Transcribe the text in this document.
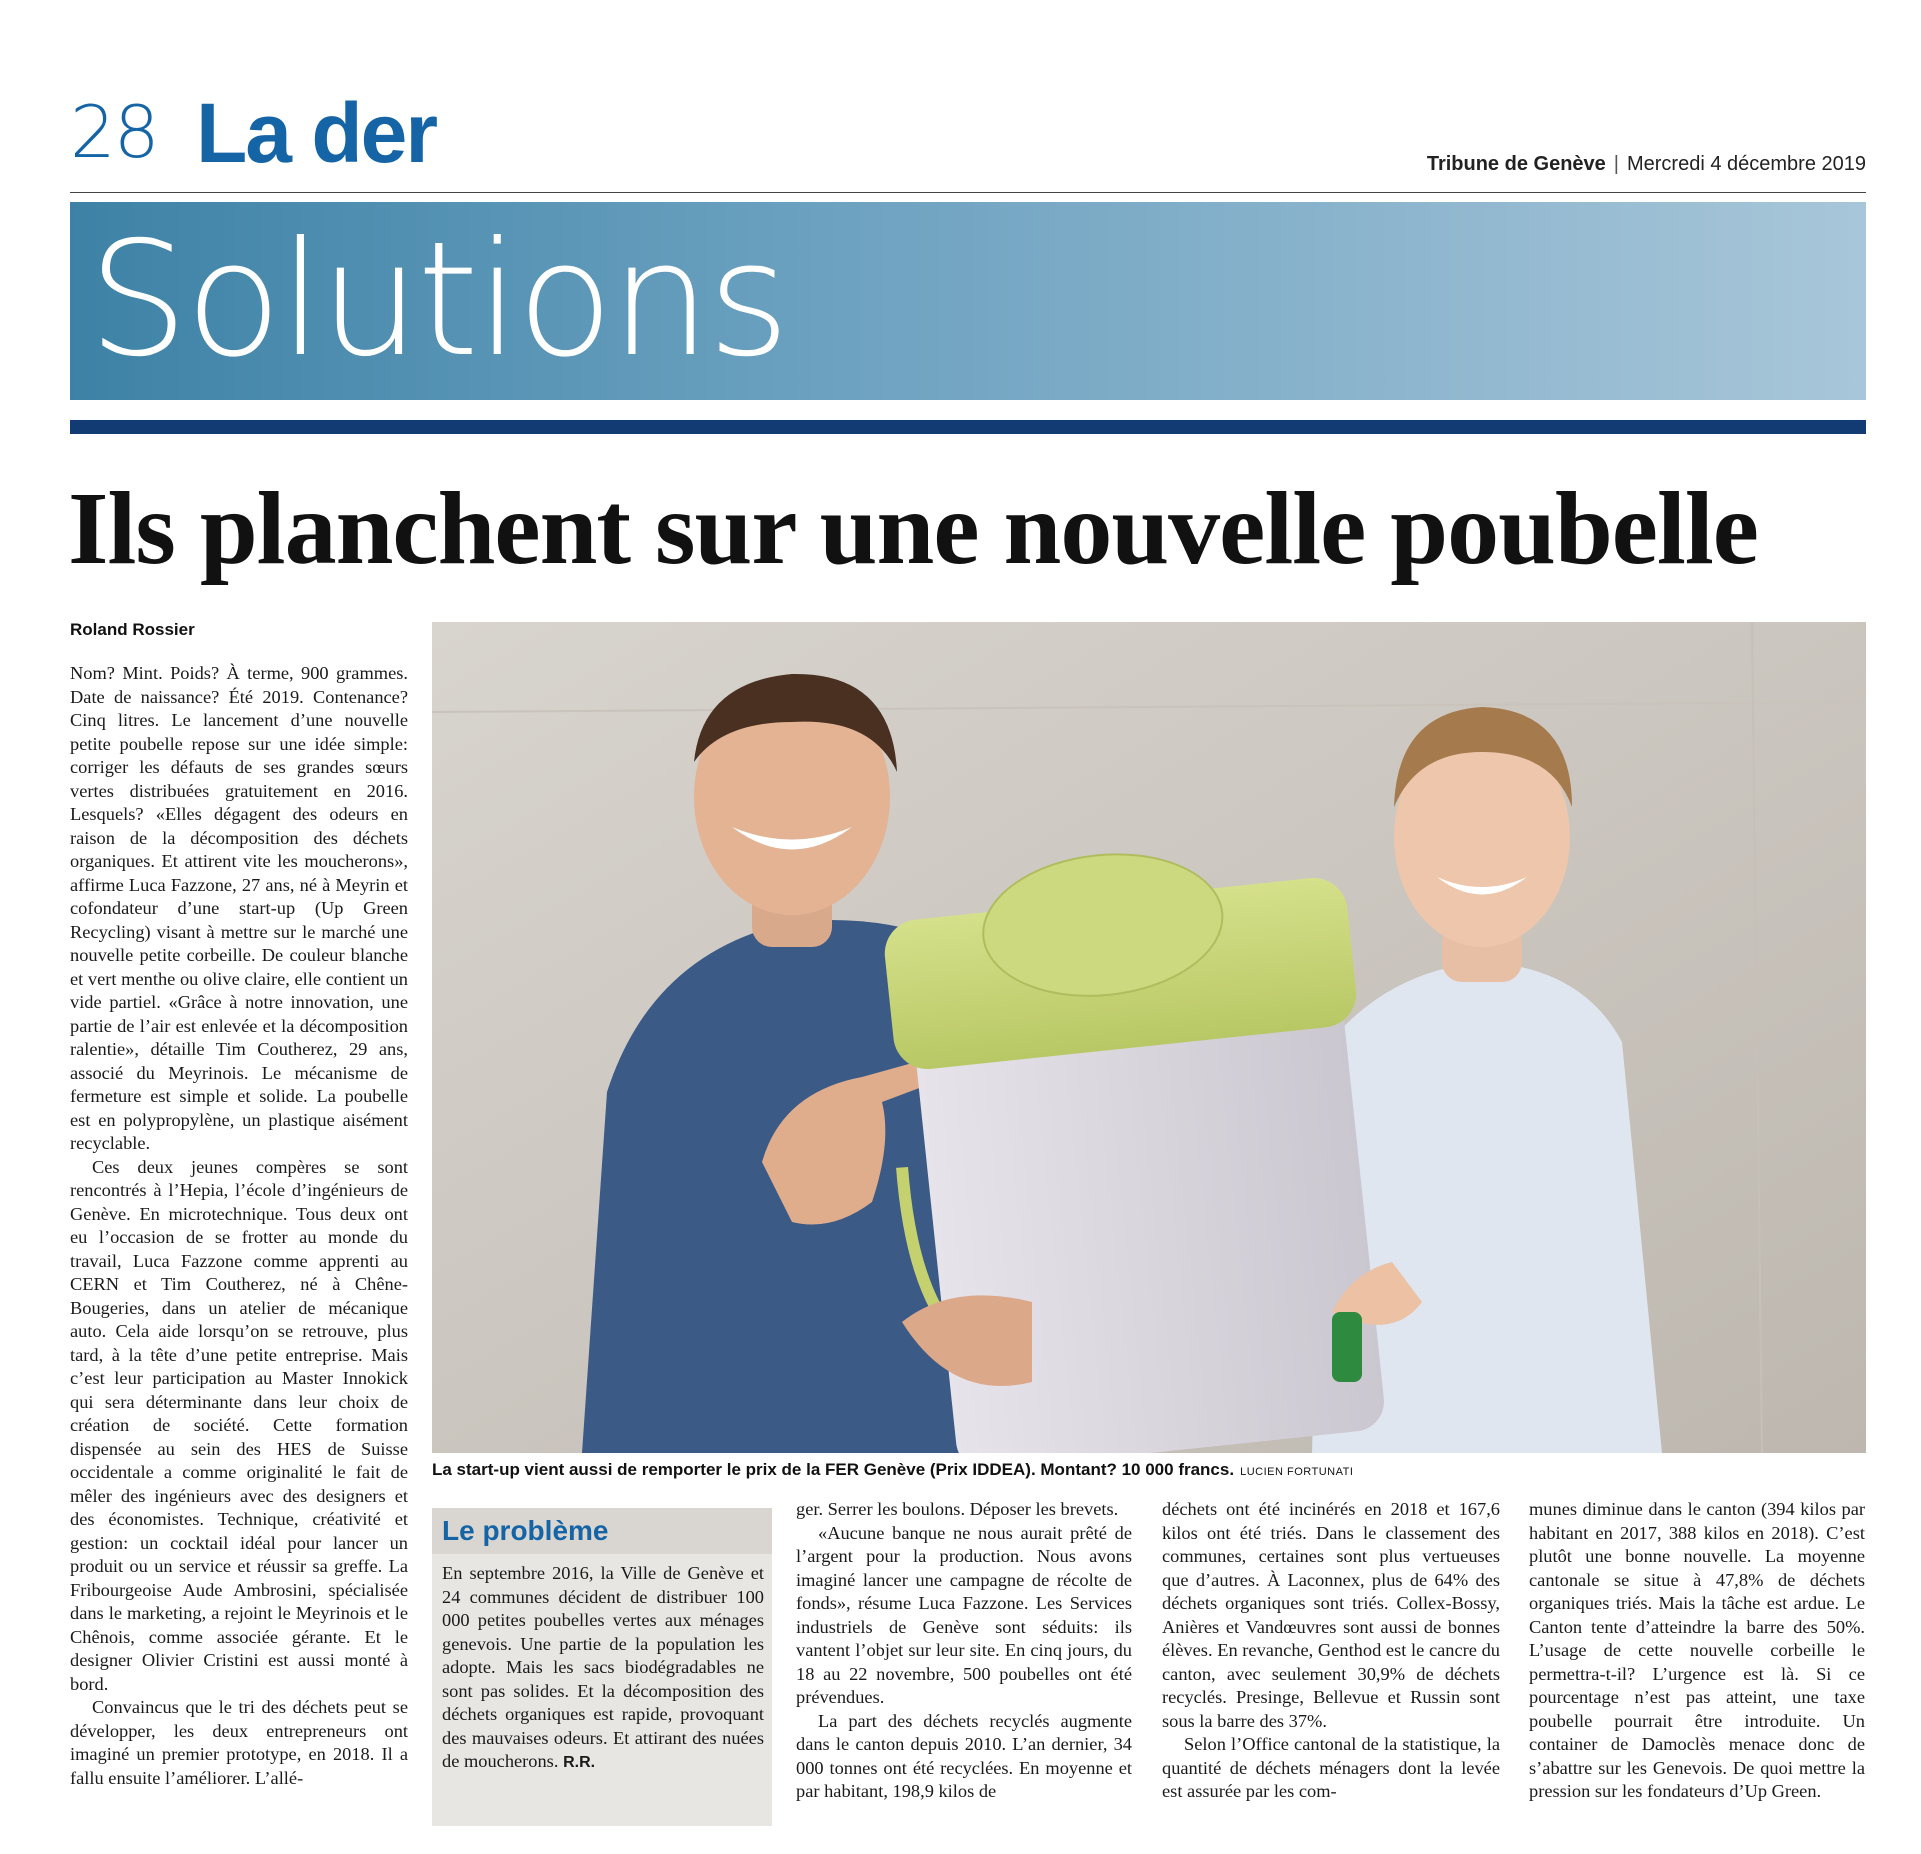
28 La der	Tribune de Genève | Mercredi 4 décembre 2019
Solutions
Ils planchent sur une nouvelle poubelle
Roland Rossier

Nom? Mint. Poids? À terme, 900 grammes. Date de naissance? Été 2019. Contenance? Cinq litres. Le lancement d’une nouvelle petite poubelle repose sur une idée simple: corriger les défauts de ses grandes sœurs vertes distribuées gratuitement en 2016. Lesquels? «Elles dégagent des odeurs en raison de la décomposition des déchets organiques. Et attirent vite les moucherons», affirme Luca Fazzone, 27 ans, né à Meyrin et cofondateur d’une start-up (Up Green Recycling) visant à mettre sur le marché une nouvelle petite corbeille. De couleur blanche et vert menthe ou olive claire, elle contient un vide partiel. «Grâce à notre innovation, une partie de l’air est enlevée et la décomposition ralentie», détaille Tim Coutherez, 29 ans, associé du Meyrinois. Le mécanisme de fermeture est simple et solide. La poubelle est en polypropylène, un plastique aisément recyclable.

Ces deux jeunes compères se sont rencontrés à l’Hepia, l’école d’ingénieurs de Genève. En microtechnique. Tous deux ont eu l’occasion de se frotter au monde du travail, Luca Fazzone comme apprenti au CERN et Tim Coutherez, né à Chêne-Bougeries, dans un atelier de mécanique auto. Cela aide lorsqu’on se retrouve, plus tard, à la tête d’une petite entreprise. Mais c’est leur participation au Master Innokick qui sera déterminante dans leur choix de création de société. Cette formation dispensée au sein des HES de Suisse occidentale a comme originalité le fait de mêler des ingénieurs avec des designers et des économistes. Technique, créativité et gestion: un cocktail idéal pour lancer un produit ou un service et réussir sa greffe. La Fribourgeoise Aude Ambrosini, spécialisée dans le marketing, a rejoint le Meyrinois et le Chênois, comme associée gérante. Et le designer Olivier Cristini est aussi monté à bord.

Convaincus que le tri des déchets peut se développer, les deux entrepreneurs ont imaginé un premier prototype, en 2018. Il a fallu ensuite l’améliorer. L’allé-

La start-up vient aussi de remporter le prix de la FER Genève (Prix IDDEA). Montant? 10 000 francs. LUCIEN FORTUNATI
Le problème
En septembre 2016, la Ville de Genève et 24 communes décident de distribuer 100 000 petites poubelles vertes aux ménages genevois. Une partie de la population les adopte. Mais les sacs biodégradables ne sont pas solides. Et la décomposition des déchets organiques est rapide, provoquant des mauvaises odeurs. Et attirant des nuées de moucherons. R.R.

ger. Serrer les boulons. Déposer les brevets.

«Aucune banque ne nous aurait prêté de l’argent pour la production. Nous avons imaginé lancer une campagne de récolte de fonds», résume Luca Fazzone. Les Services industriels de Genève sont séduits: ils vantent l’objet sur leur site. En cinq jours, du 18 au 22 novembre, 500 poubelles ont été prévendues.

La part des déchets recyclés augmente dans le canton depuis 2010. L’an dernier, 34 000 tonnes ont été recyclées. En moyenne et par habitant, 198,9 kilos de

déchets ont été incinérés en 2018 et 167,6 kilos ont été triés. Dans le classement des communes, certaines sont plus vertueuses que d’autres. À Laconnex, plus de 64% des déchets organiques sont triés. Collex-Bossy, Anières et Vandœuvres sont aussi de bonnes élèves. En revanche, Genthod est le cancre du canton, avec seulement 30,9% de déchets recyclés. Presinge, Bellevue et Russin sont sous la barre des 37%.

Selon l’Office cantonal de la statistique, la quantité de déchets ménagers dont la levée est assurée par les com-

munes diminue dans le canton (394 kilos par habitant en 2017, 388 kilos en 2018). C’est plutôt une bonne nouvelle. La moyenne cantonale se situe à 47,8% de déchets organiques triés. Mais la tâche est ardue. Le Canton tente d’atteindre la barre des 50%. L’usage de cette nouvelle corbeille le permettra-t-il? L’urgence est là. Si ce pourcentage n’est pas atteint, une taxe poubelle pourrait être introduite. Un container de Damoclès menace donc de s’abattre sur les Genevois. De quoi mettre la pression sur les fondateurs d’Up Green.
